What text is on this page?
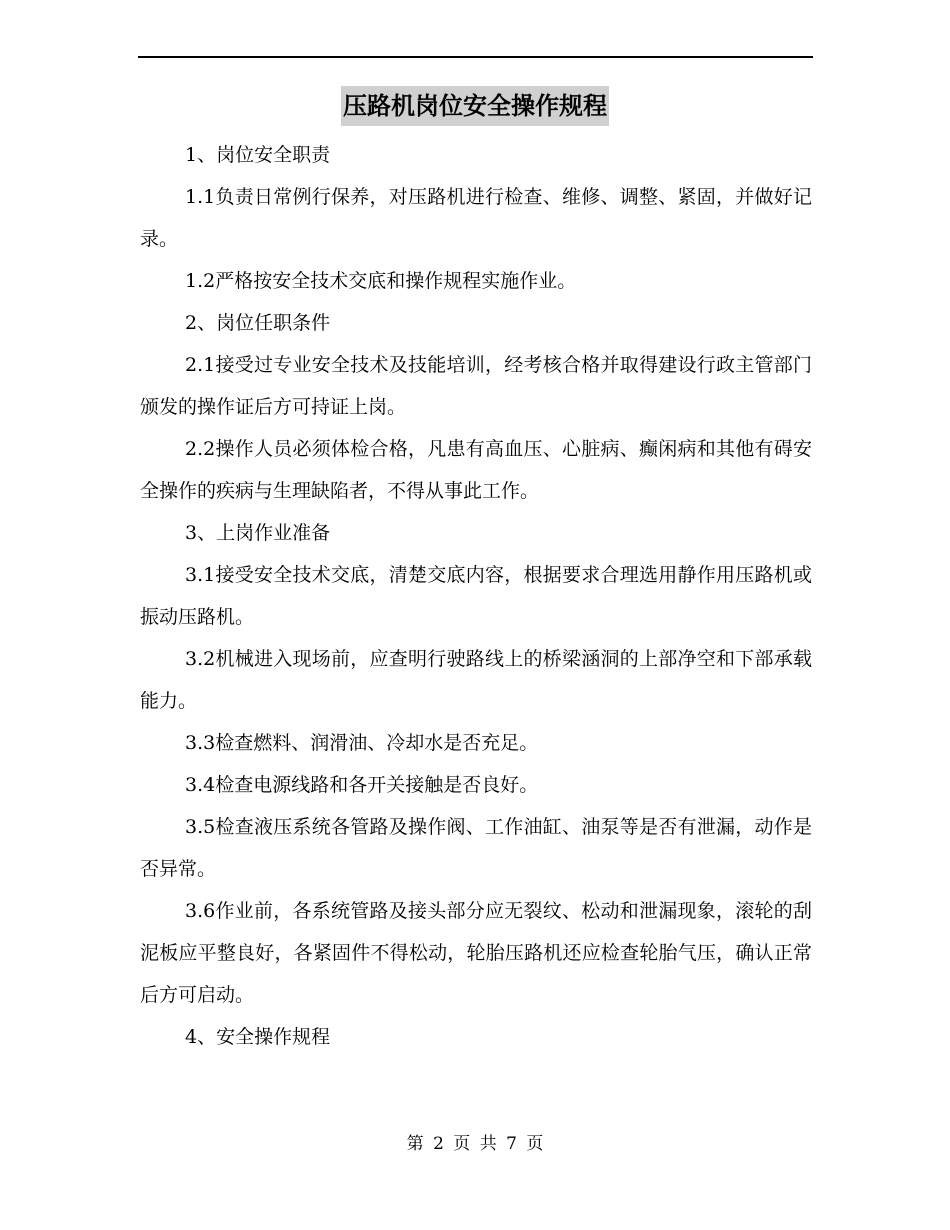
压路机岗位安全操作规程

1、岗位安全职责

1.1负责日常例行保养，对压路机进行检查、维修、调整、紧固，并做好记录。

1.2严格按安全技术交底和操作规程实施作业。

2、岗位任职条件

2.1接受过专业安全技术及技能培训，经考核合格并取得建设行政主管部门颁发的操作证后方可持证上岗。

2.2操作人员必须体检合格，凡患有高血压、心脏病、癫闲病和其他有碍安全操作的疾病与生理缺陷者，不得从事此工作。

3、上岗作业准备

3.1接受安全技术交底，清楚交底内容，根据要求合理选用静作用压路机或振动压路机。

3.2机械进入现场前，应查明行驶路线上的桥梁涵洞的上部净空和下部承载能力。

3.3检查燃料、润滑油、冷却水是否充足。

3.4检查电源线路和各开关接触是否良好。

3.5检查液压系统各管路及操作阀、工作油缸、油泵等是否有泄漏，动作是否异常。

3.6作业前，各系统管路及接头部分应无裂纹、松动和泄漏现象，滚轮的刮泥板应平整良好，各紧固件不得松动，轮胎压路机还应检查轮胎气压，确认正常后方可启动。

4、安全操作规程

第 2 页 共 7 页
